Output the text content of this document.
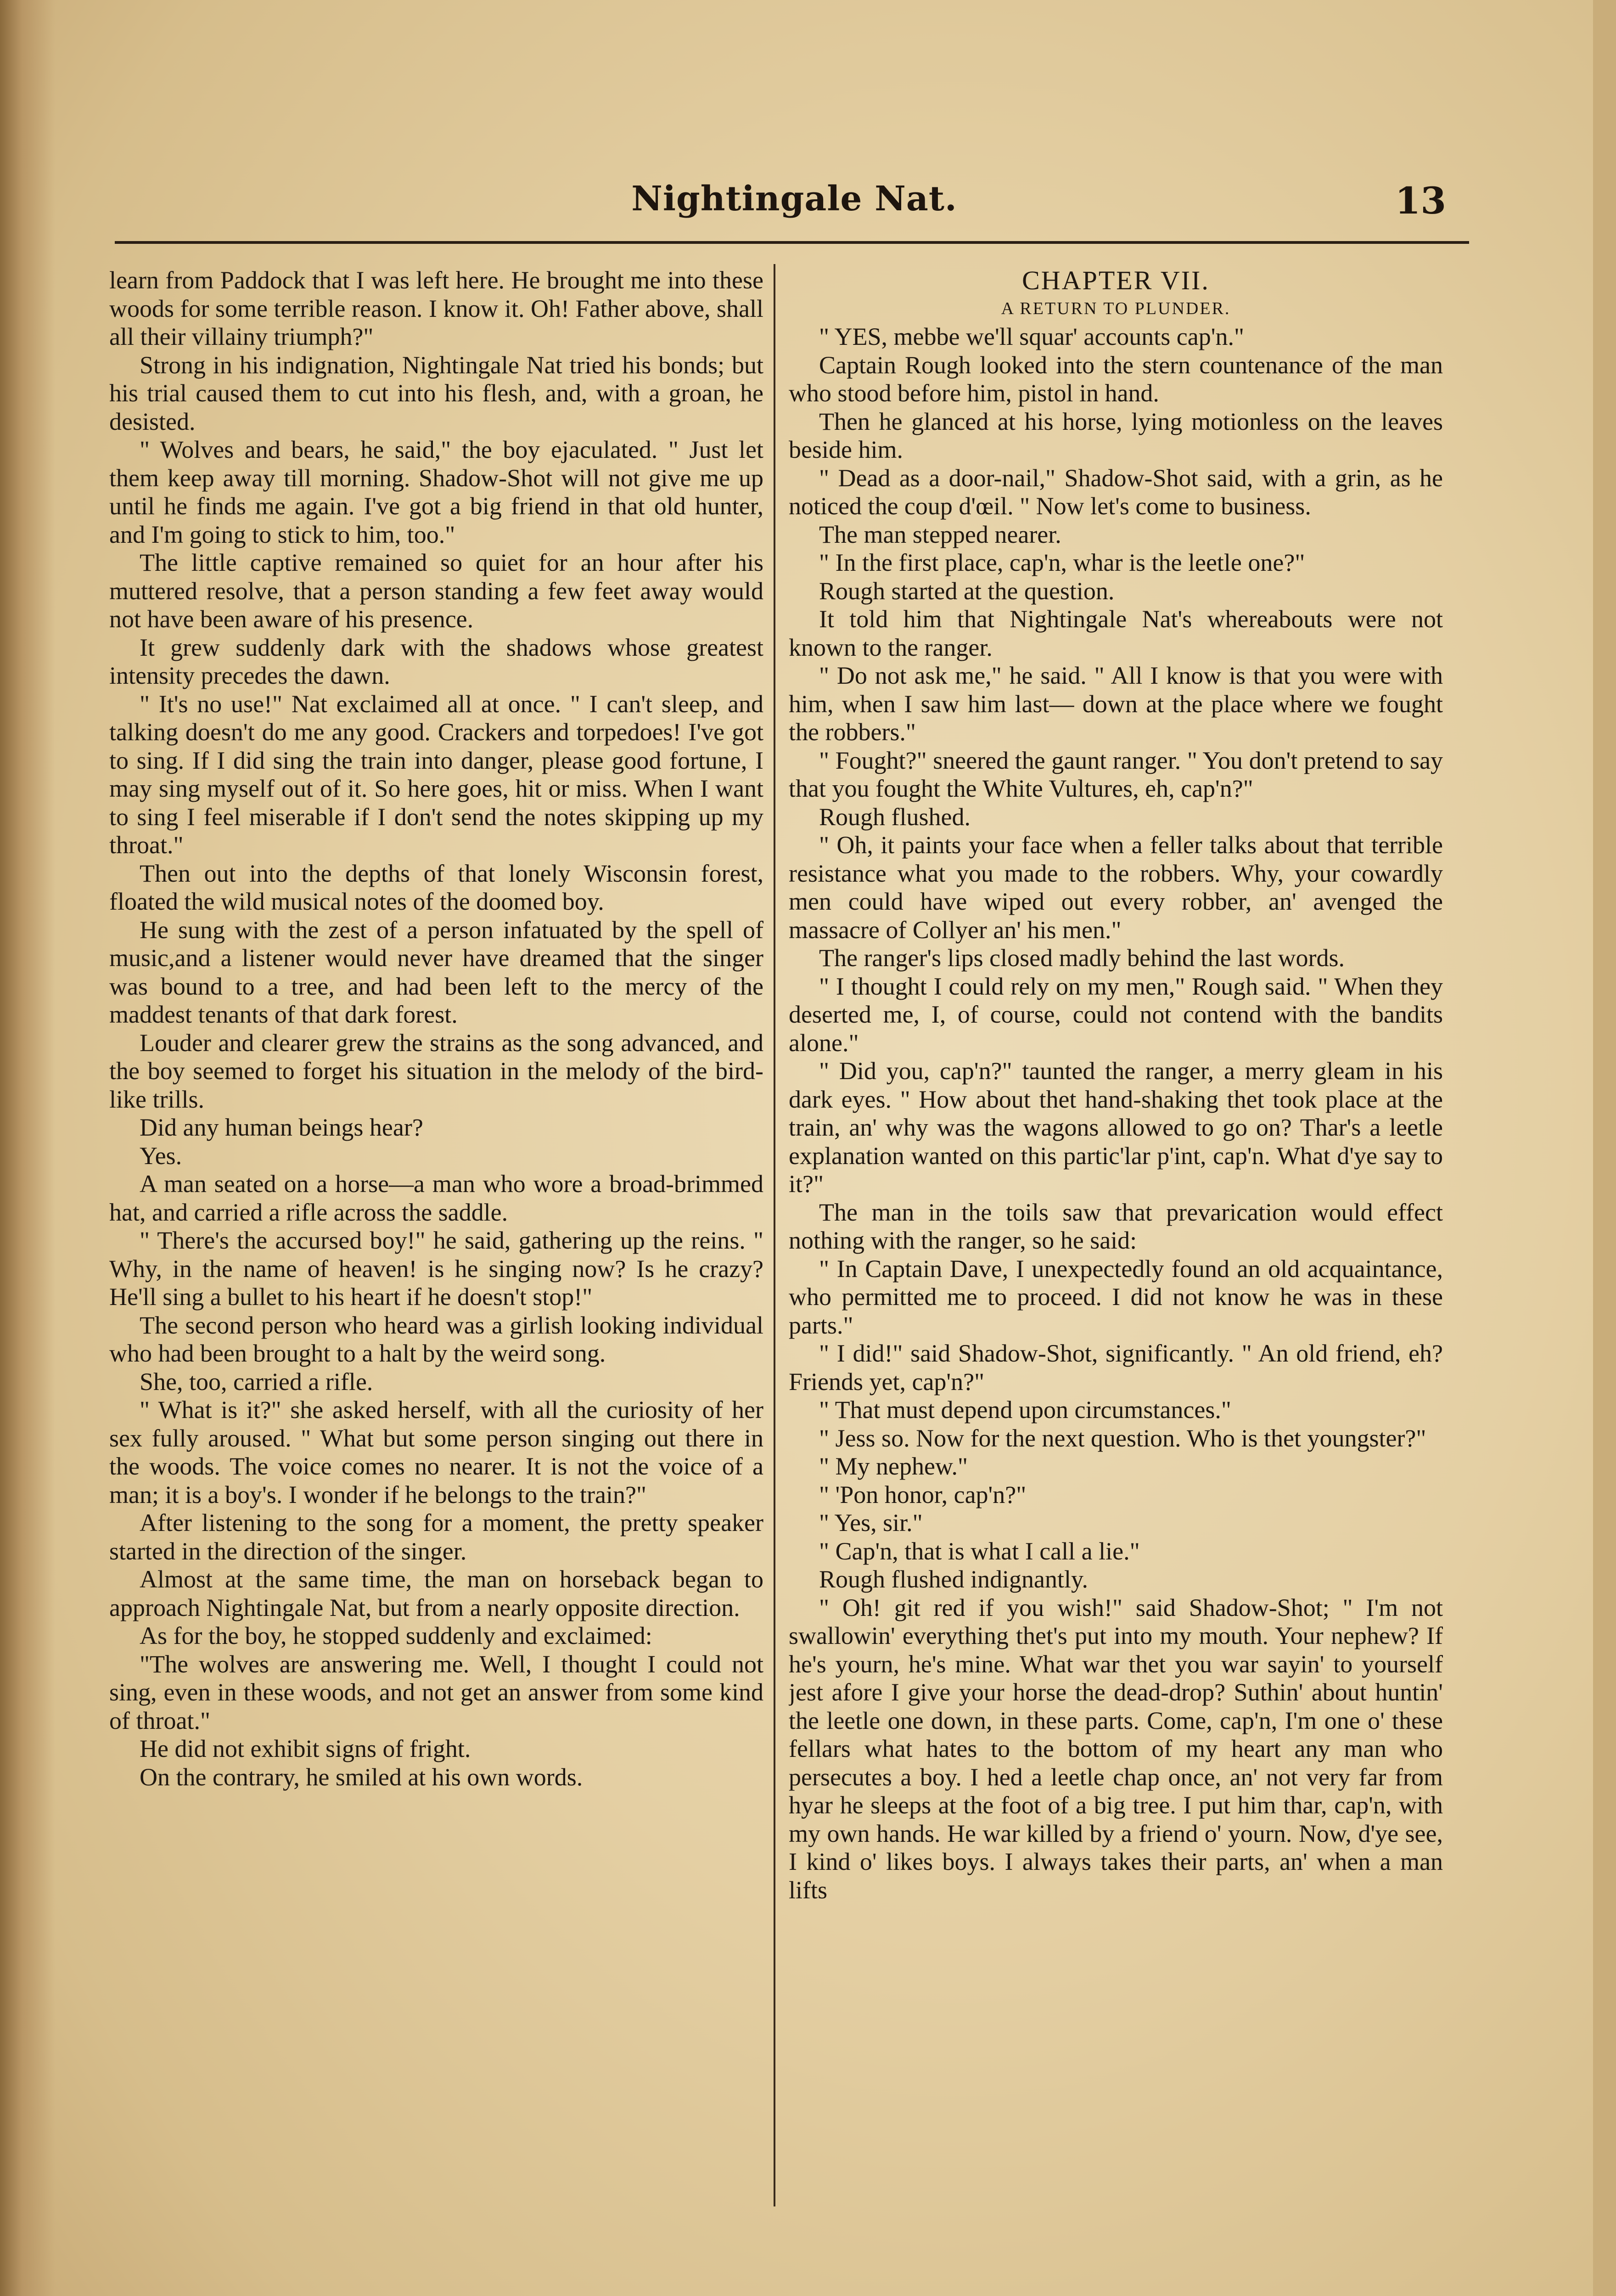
Nightingale Nat.	13

learn from Paddock that I was left here. He brought me into these woods for some terrible reason. I know it. Oh! Father above, shall all their villainy triumph?"

Strong in his indignation, Nightingale Nat tried his bonds; but his trial caused them to cut into his flesh, and, with a groan, he desisted.

" Wolves and bears, he said," the boy ejaculated. " Just let them keep away till morning. Shadow-Shot will not give me up until he finds me again. I've got a big friend in that old hunter, and I'm going to stick to him, too."

The little captive remained so quiet for an hour after his muttered resolve, that a person standing a few feet away would not have been aware of his presence.

It grew suddenly dark with the shadows whose greatest intensity precedes the dawn.

" It's no use!" Nat exclaimed all at once. " I can't sleep, and talking doesn't do me any good. Crackers and torpedoes! I've got to sing. If I did sing the train into danger, please good fortune, I may sing myself out of it. So here goes, hit or miss. When I want to sing I feel miserable if I don't send the notes skipping up my throat."

Then out into the depths of that lonely Wisconsin forest, floated the wild musical notes of the doomed boy.

He sung with the zest of a person infatuated by the spell of music,and a listener would never have dreamed that the singer was bound to a tree, and had been left to the mercy of the maddest tenants of that dark forest.

Louder and clearer grew the strains as the song advanced, and the boy seemed to forget his situation in the melody of the bird-like trills.

Did any human beings hear?

Yes.

A man seated on a horse—a man who wore a broad-brimmed hat, and carried a rifle across the saddle.

" There's the accursed boy!" he said, gathering up the reins. " Why, in the name of heaven! is he singing now? Is he crazy? He'll sing a bullet to his heart if he doesn't stop!"

The second person who heard was a girlish looking individual who had been brought to a halt by the weird song.

She, too, carried a rifle.

" What is it?" she asked herself, with all the curiosity of her sex fully aroused. " What but some person singing out there in the woods. The voice comes no nearer. It is not the voice of a man; it is a boy's. I wonder if he belongs to the train?"

After listening to the song for a moment, the pretty speaker started in the direction of the singer.

Almost at the same time, the man on horseback began to approach Nightingale Nat, but from a nearly opposite direction.

As for the boy, he stopped suddenly and exclaimed:

"The wolves are answering me. Well, I thought I could not sing, even in these woods, and not get an answer from some kind of throat."

He did not exhibit signs of fright.

On the contrary, he smiled at his own words.

CHAPTER VII.

A RETURN TO PLUNDER.

" YES, mebbe we'll squar' accounts cap'n."

Captain Rough looked into the stern countenance of the man who stood before him, pistol in hand.

Then he glanced at his horse, lying motionless on the leaves beside him.

" Dead as a door-nail," Shadow-Shot said, with a grin, as he noticed the coup d'œil. " Now let's come to business.

The man stepped nearer.

" In the first place, cap'n, whar is the leetle one?"

Rough started at the question.

It told him that Nightingale Nat's whereabouts were not known to the ranger.

" Do not ask me," he said. " All I know is that you were with him, when I saw him last— down at the place where we fought the robbers."

" Fought?" sneered the gaunt ranger. " You don't pretend to say that you fought the White Vultures, eh, cap'n?"

Rough flushed.

" Oh, it paints your face when a feller talks about that terrible resistance what you made to the robbers. Why, your cowardly men could have wiped out every robber, an' avenged the massacre of Collyer an' his men."

The ranger's lips closed madly behind the last words.

" I thought I could rely on my men," Rough said. " When they deserted me, I, of course, could not contend with the bandits alone."

" Did you, cap'n?" taunted the ranger, a merry gleam in his dark eyes. " How about thet hand-shaking thet took place at the train, an' why was the wagons allowed to go on? Thar's a leetle explanation wanted on this partic'lar p'int, cap'n. What d'ye say to it?"

The man in the toils saw that prevarication would effect nothing with the ranger, so he said:

" In Captain Dave, I unexpectedly found an old acquaintance, who permitted me to proceed. I did not know he was in these parts."

" I did!" said Shadow-Shot, significantly. " An old friend, eh? Friends yet, cap'n?"

" That must depend upon circumstances."

" Jess so. Now for the next question. Who is thet youngster?"

" My nephew."

" 'Pon honor, cap'n?"

" Yes, sir."

" Cap'n, that is what I call a lie."

Rough flushed indignantly.

" Oh! git red if you wish!" said Shadow-Shot; " I'm not swallowin' everything thet's put into my mouth. Your nephew? If he's yourn, he's mine. What war thet you war sayin' to yourself jest afore I give your horse the dead-drop? Suthin' about huntin' the leetle one down, in these parts. Come, cap'n, I'm one o' these fellars what hates to the bottom of my heart any man who persecutes a boy. I hed a leetle chap once, an' not very far from hyar he sleeps at the foot of a big tree. I put him thar, cap'n, with my own hands. He war killed by a friend o' yourn. Now, d'ye see, I kind o' likes boys. I always takes their parts, an' when a man lifts
